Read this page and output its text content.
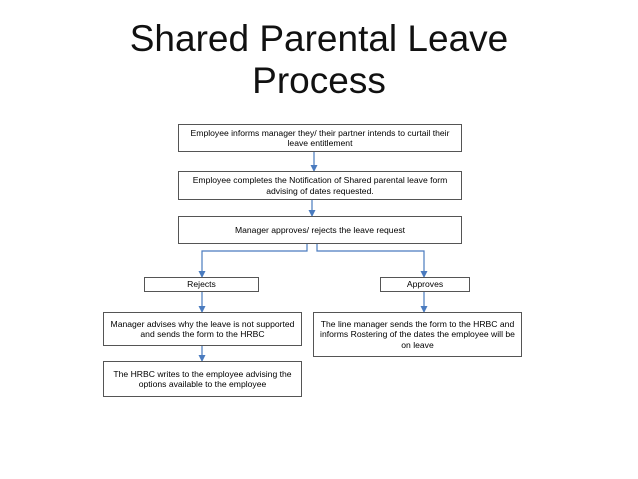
Shared Parental Leave
Process
Employee informs manager they/ their partner intends to curtail their leave entitlement
Employee completes the Notification of Shared parental leave form advising of dates requested.
Manager approves/ rejects the leave request
Rejects	Approves
Manager advises why the leave is not supported and sends the form to the HRBC
The HRBC writes to the employee advising the options available to the employee
The line manager sends the form to the HRBC and informs Rostering of the dates the employee will be on leave
